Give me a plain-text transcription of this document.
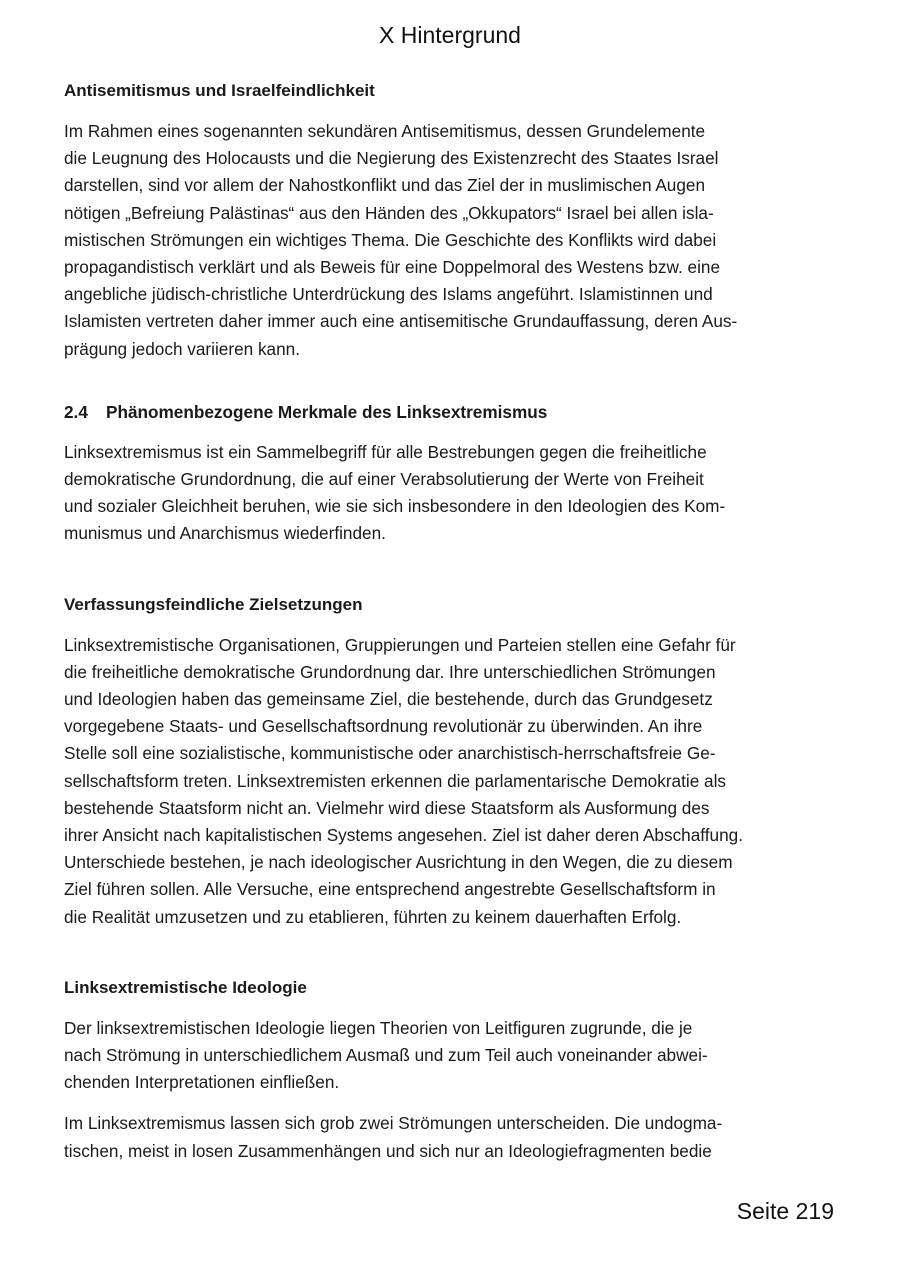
X Hintergrund
Antisemitismus und Israelfeindlichkeit

Im Rahmen eines sogenannten sekundären Antisemitismus, dessen Grundelemente
die Leugnung des Holocausts und die Negierung des Existenzrecht des Staates Israel
darstellen, sind vor allem der Nahostkonflikt und das Ziel der in muslimischen Augen
nötigen „Befreiung Palästinas“ aus den Händen des „Okkupators“ Israel bei allen isla-
mistischen Strömungen ein wichtiges Thema. Die Geschichte des Konflikts wird dabei
propagandistisch verklärt und als Beweis für eine Doppelmoral des Westens bzw. eine
angebliche jüdisch-christliche Unterdrückung des Islams angeführt. Islamistinnen und
Islamisten vertreten daher immer auch eine antisemitische Grundauffassung, deren Aus-
prägung jedoch variieren kann.

2.4 Phänomenbezogene Merkmale des Linksextremismus

Linksextremismus ist ein Sammelbegriff für alle Bestrebungen gegen die freiheitliche
demokratische Grundordnung, die auf einer Verabsolutierung der Werte von Freiheit
und sozialer Gleichheit beruhen, wie sie sich insbesondere in den Ideologien des Kom-
munismus und Anarchismus wiederfinden.

Verfassungsfeindliche Zielsetzungen

Linksextremistische Organisationen, Gruppierungen und Parteien stellen eine Gefahr für
die freiheitliche demokratische Grundordnung dar. Ihre unterschiedlichen Strömungen
und Ideologien haben das gemeinsame Ziel, die bestehende, durch das Grundgesetz
vorgegebene Staats- und Gesellschaftsordnung revolutionär zu überwinden. An ihre
Stelle soll eine sozialistische, kommunistische oder anarchistisch-herrschaftsfreie Ge-
sellschaftsform treten. Linksextremisten erkennen die parlamentarische Demokratie als
bestehende Staatsform nicht an. Vielmehr wird diese Staatsform als Ausformung des
ihrer Ansicht nach kapitalistischen Systems angesehen. Ziel ist daher deren Abschaffung.
Unterschiede bestehen, je nach ideologischer Ausrichtung in den Wegen, die zu diesem
Ziel führen sollen. Alle Versuche, eine entsprechend angestrebte Gesellschaftsform in
die Realität umzusetzen und zu etablieren, führten zu keinem dauerhaften Erfolg.

Linksextremistische Ideologie

Der linksextremistischen Ideologie liegen Theorien von Leitfiguren zugrunde, die je
nach Strömung in unterschiedlichem Ausmaß und zum Teil auch voneinander abwei-
chenden Interpretationen einfließen.

Im Linksextremismus lassen sich grob zwei Strömungen unterscheiden. Die undogma-
tischen, meist in losen Zusammenhängen und sich nur an Ideologiefragmenten bedie

Seite 219
